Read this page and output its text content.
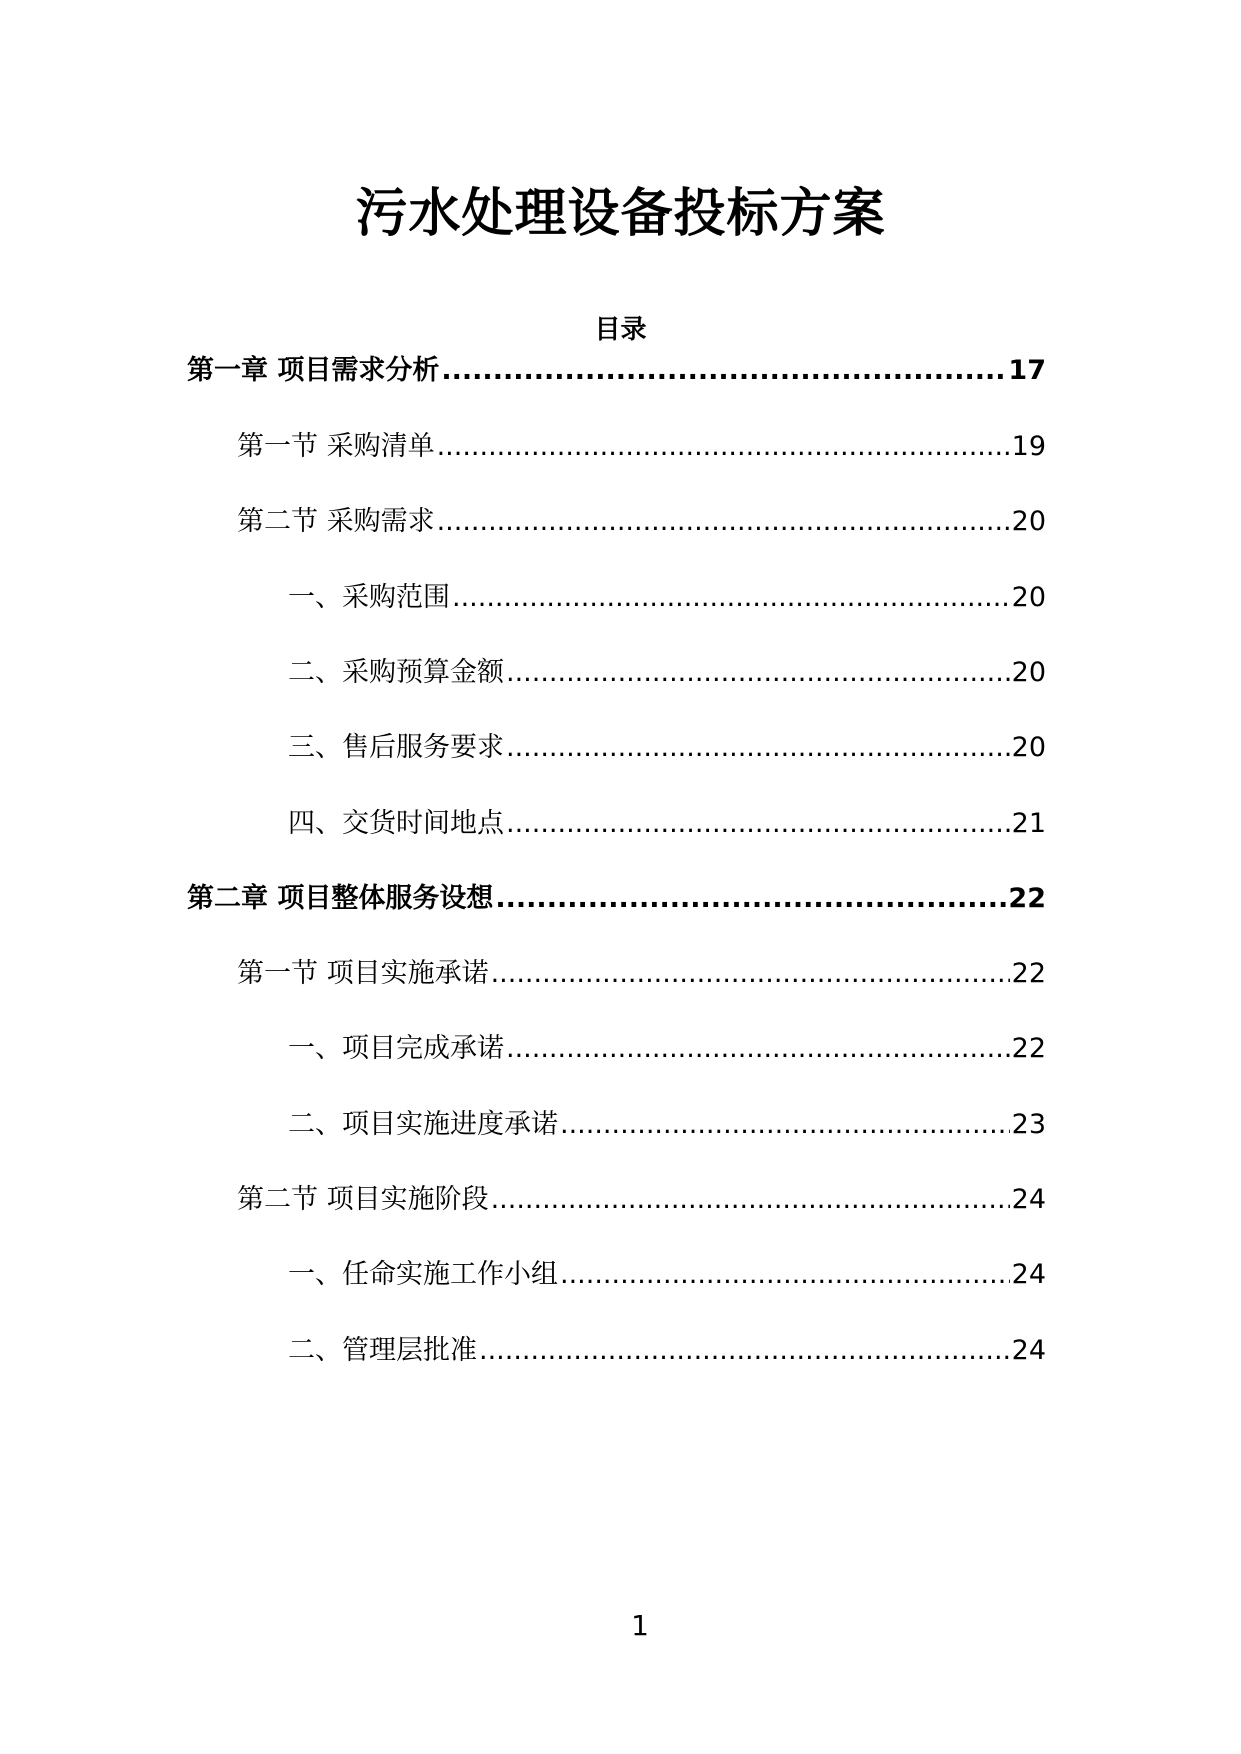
污水处理设备投标方案
目录
第一章 项目需求分析 .....	17
第一节 采购清单 .....	19
第二节 采购需求 .....	20
一、采购范围 .....	20
二、采购预算金额 .....	20
三、售后服务要求 .....	20
四、交货时间地点 .....	21
第二章 项目整体服务设想 .....	22
第一节 项目实施承诺 .....	22
一、项目完成承诺 .....	22
二、项目实施进度承诺 .....	23
第二节 项目实施阶段 .....	24
一、任命实施工作小组 .....	24
二、管理层批准 .....	24
1
